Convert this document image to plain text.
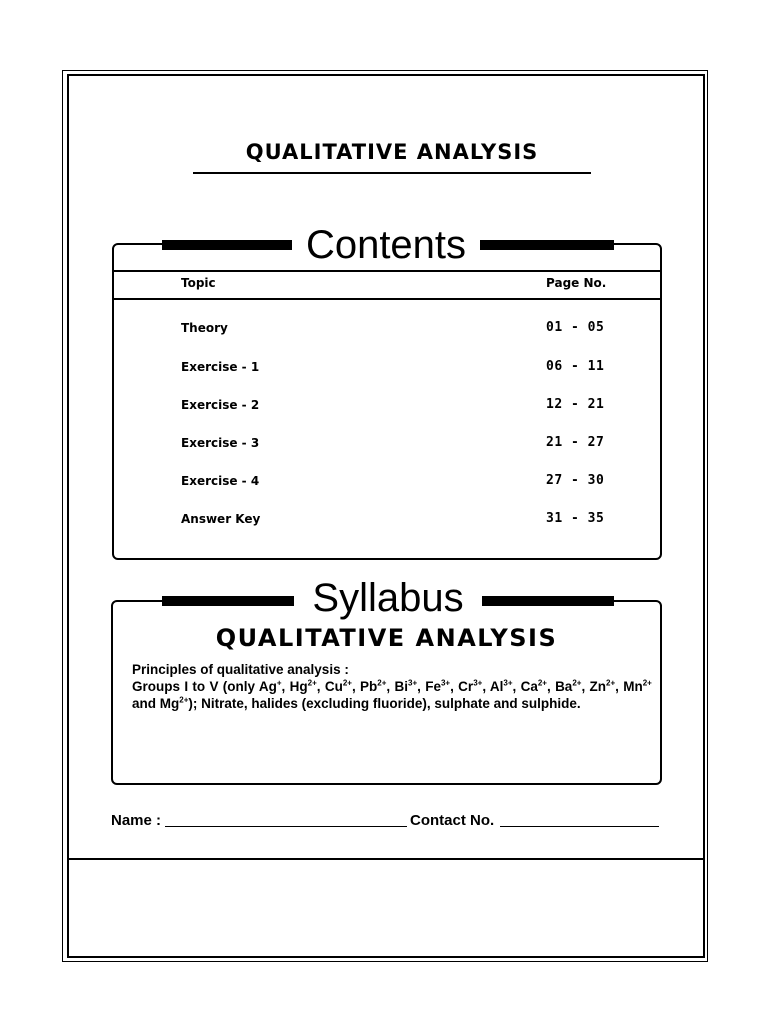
QUALITATIVE ANALYSIS
Contents
Topic	Page No.
Theory	01 - 05
Exercise - 1	06 - 11
Exercise - 2	12 - 21
Exercise - 3	21 - 27
Exercise - 4	27 - 30
Answer Key	31 - 35
Syllabus
QUALITATIVE ANALYSIS
Principles of qualitative analysis :
Groups I to V (only Ag+, $Hg^{2+}$, $Cu^{2+}$, $Pb^{2+}$, $Bi^{3+}$, $Fe^{3+}$, $Cr^{3+}$, $Al^{3+}$, $Ca^{2+}$, $Ba^{2+}$, $Zn^{2+}$, $Mn^{2+}$ and $Mg^{2+}$); Nitrate, halides (excluding fluoride), sulphate and sulphide.
Name :	Contact No.
